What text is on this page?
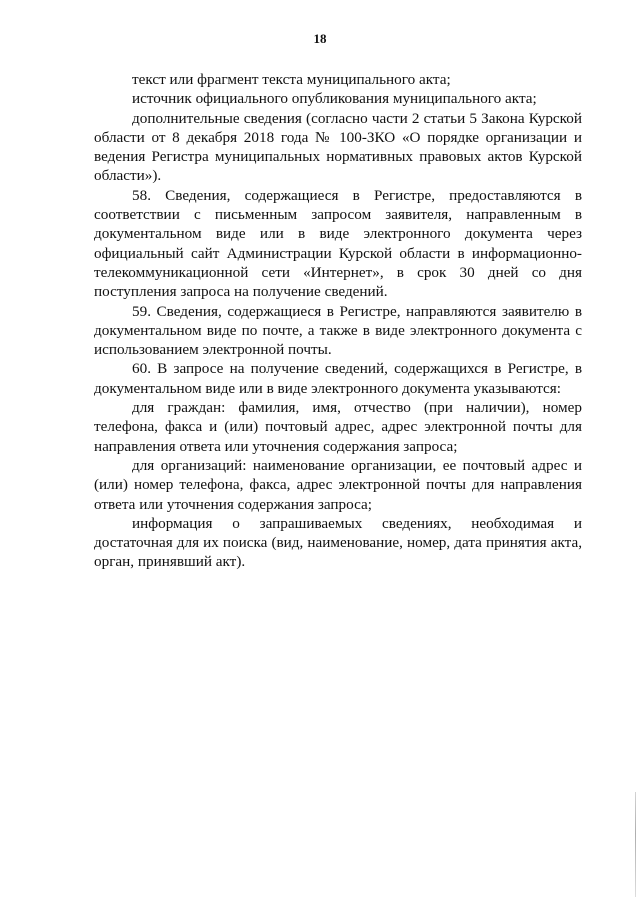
18

текст или фрагмент текста муниципального акта;

источник официального опубликования муниципального акта;

дополнительные сведения (согласно части 2 статьи 5 Закона Курской области от 8 декабря 2018 года № 100-ЗКО «О порядке организации и ведения Регистра муниципальных нормативных правовых актов Курской области»).

58. Сведения, содержащиеся в Регистре, предоставляются в соответствии с письменным запросом заявителя, направленным в документальном виде или в виде электронного документа через официальный сайт Администрации Курской области в информационно-телекоммуникационной сети «Интернет», в срок 30 дней со дня поступления запроса на получение сведений.

59. Сведения, содержащиеся в Регистре, направляются заявителю в документальном виде по почте, а также в виде электронного документа с использованием электронной почты.

60. В запросе на получение сведений, содержащихся в Регистре, в документальном виде или в виде электронного документа указываются:

для граждан: фамилия, имя, отчество (при наличии), номер телефона, факса и (или) почтовый адрес, адрес электронной почты для направления ответа или уточнения содержания запроса;

для организаций: наименование организации, ее почтовый адрес и (или) номер телефона, факса, адрес электронной почты для направления ответа или уточнения содержания запроса;

информация о запрашиваемых сведениях, необходимая и достаточная для их поиска (вид, наименование, номер, дата принятия акта, орган, принявший акт).
